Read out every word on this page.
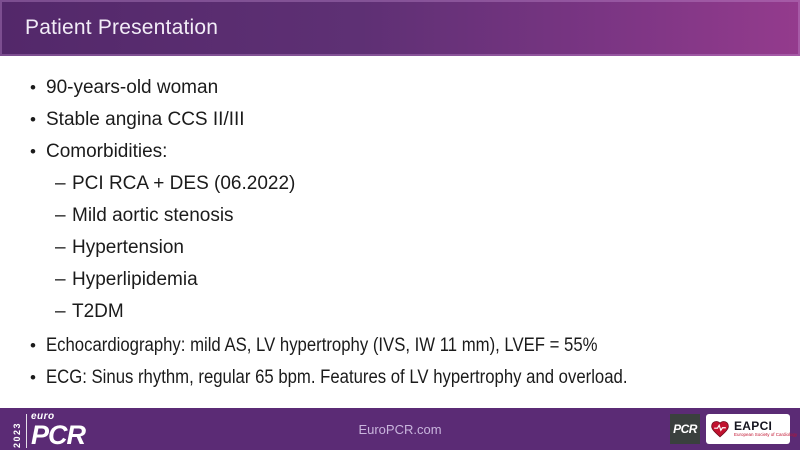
Patient Presentation
• 90-years-old woman
• Stable angina CCS II/III
• Comorbidities:
– PCI RCA + DES (06.2022)
– Mild aortic stenosis
– Hypertension
– Hyperlipidemia
– T2DM
• Echocardiography: mild AS, LV hypertrophy (IVS, IW 11 mm), LVEF = 55%
• ECG: Sinus rhythm, regular 65 bpm. Features of LV hypertrophy and overload.
EuroPCR.com
2023
euro
PCR	PCR	EAPCI
European Society of Cardiology
